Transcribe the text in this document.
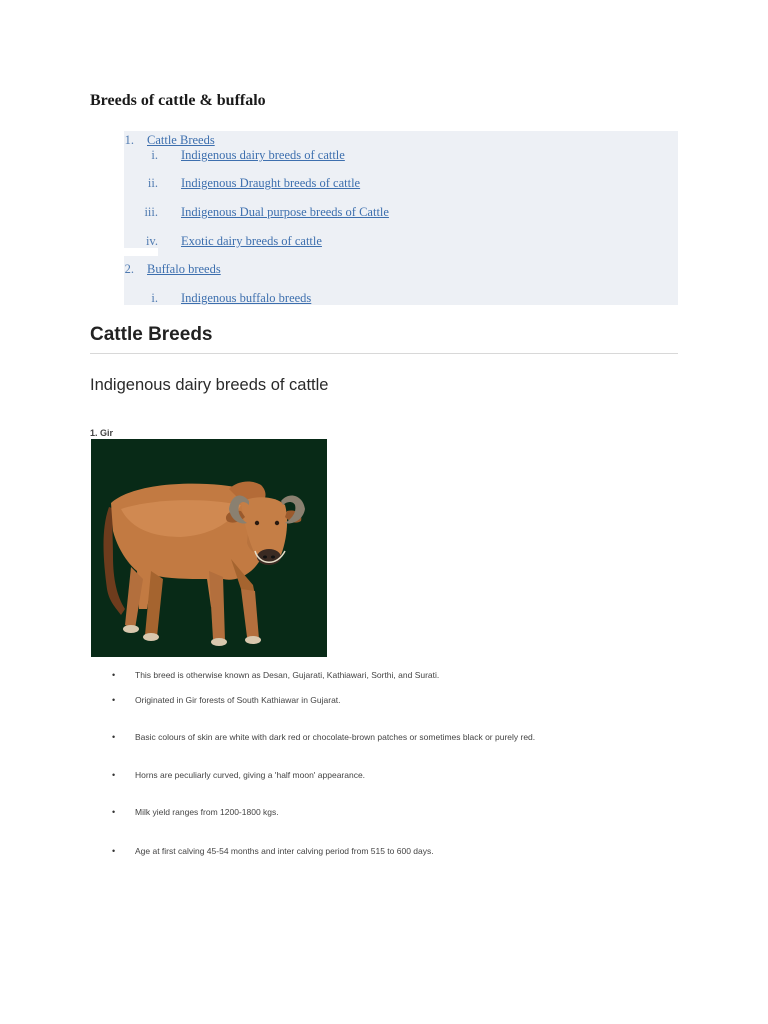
Breeds of cattle & buffalo
1. Cattle Breeds
i. Indigenous dairy breeds of cattle
ii. Indigenous Draught breeds of cattle
iii. Indigenous Dual purpose breeds of Cattle
iv. Exotic dairy breeds of cattle
2. Buffalo breeds
i. Indigenous buffalo breeds
Cattle Breeds
Indigenous dairy breeds of cattle
1. Gir
• This breed is otherwise known as Desan, Gujarati, Kathiawari, Sorthi, and Surati.
• Originated in Gir forests of South Kathiawar in Gujarat.
• Basic colours of skin are white with dark red or chocolate-brown patches or sometimes black or purely red.
• Horns are peculiarly curved, giving a 'half moon' appearance.
• Milk yield ranges from 1200-1800 kgs.
• Age at first calving 45-54 months and inter calving period from 515 to 600 days.
